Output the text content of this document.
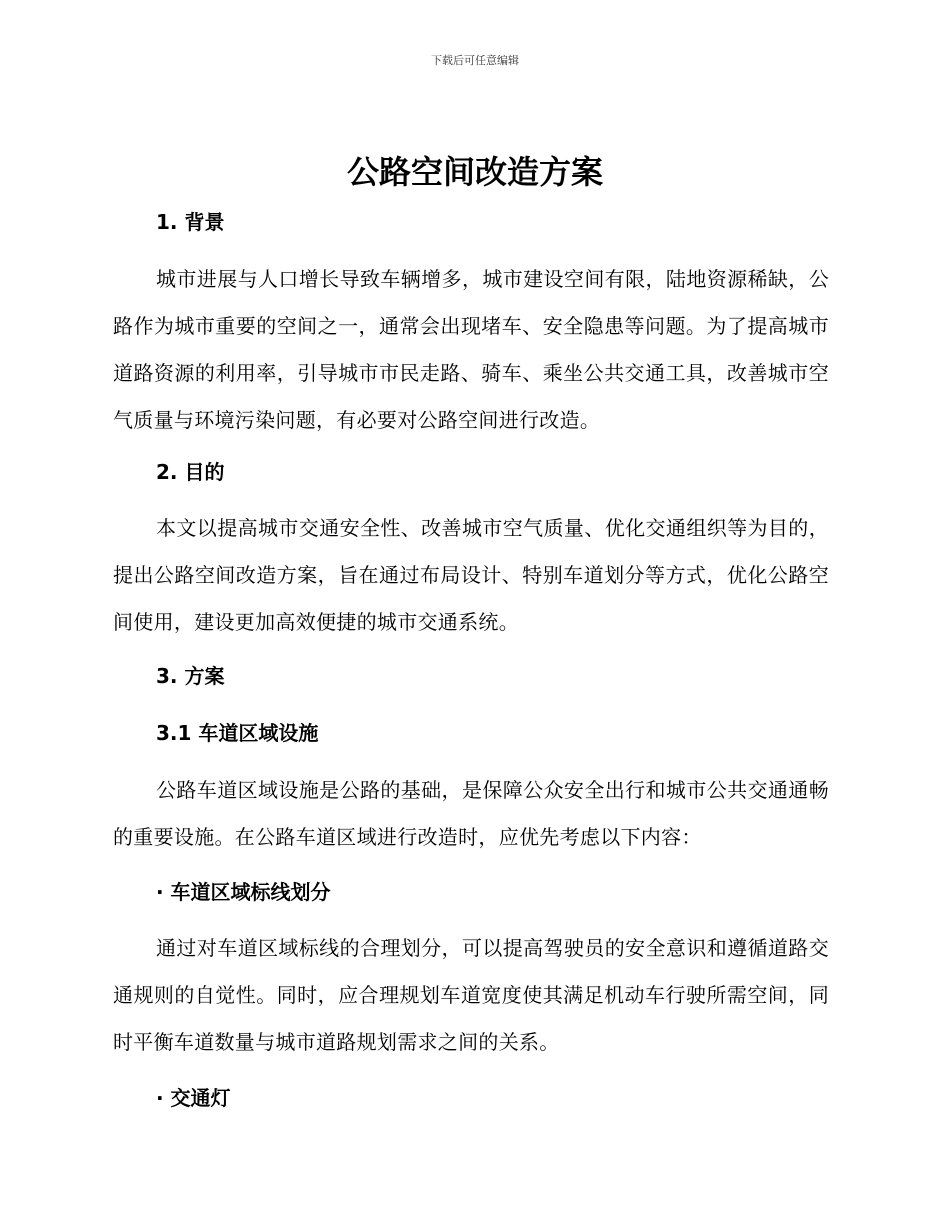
下载后可任意编辑
公路空间改造方案
1. 背景

城市进展与人口增长导致车辆增多，城市建设空间有限，陆地资源稀缺，公路作为城市重要的空间之一，通常会出现堵车、安全隐患等问题。为了提高城市道路资源的利用率，引导城市市民走路、骑车、乘坐公共交通工具，改善城市空气质量与环境污染问题，有必要对公路空间进行改造。

2. 目的

本文以提高城市交通安全性、改善城市空气质量、优化交通组织等为目的，提出公路空间改造方案，旨在通过布局设计、特别车道划分等方式，优化公路空间使用，建设更加高效便捷的城市交通系统。

3. 方案
3.1 车道区域设施

公路车道区域设施是公路的基础，是保障公众安全出行和城市公共交通通畅的重要设施。在公路车道区域进行改造时，应优先考虑以下内容：

· 车道区域标线划分

通过对车道区域标线的合理划分，可以提高驾驶员的安全意识和遵循道路交通规则的自觉性。同时，应合理规划车道宽度使其满足机动车行驶所需空间，同时平衡车道数量与城市道路规划需求之间的关系。

· 交通灯
